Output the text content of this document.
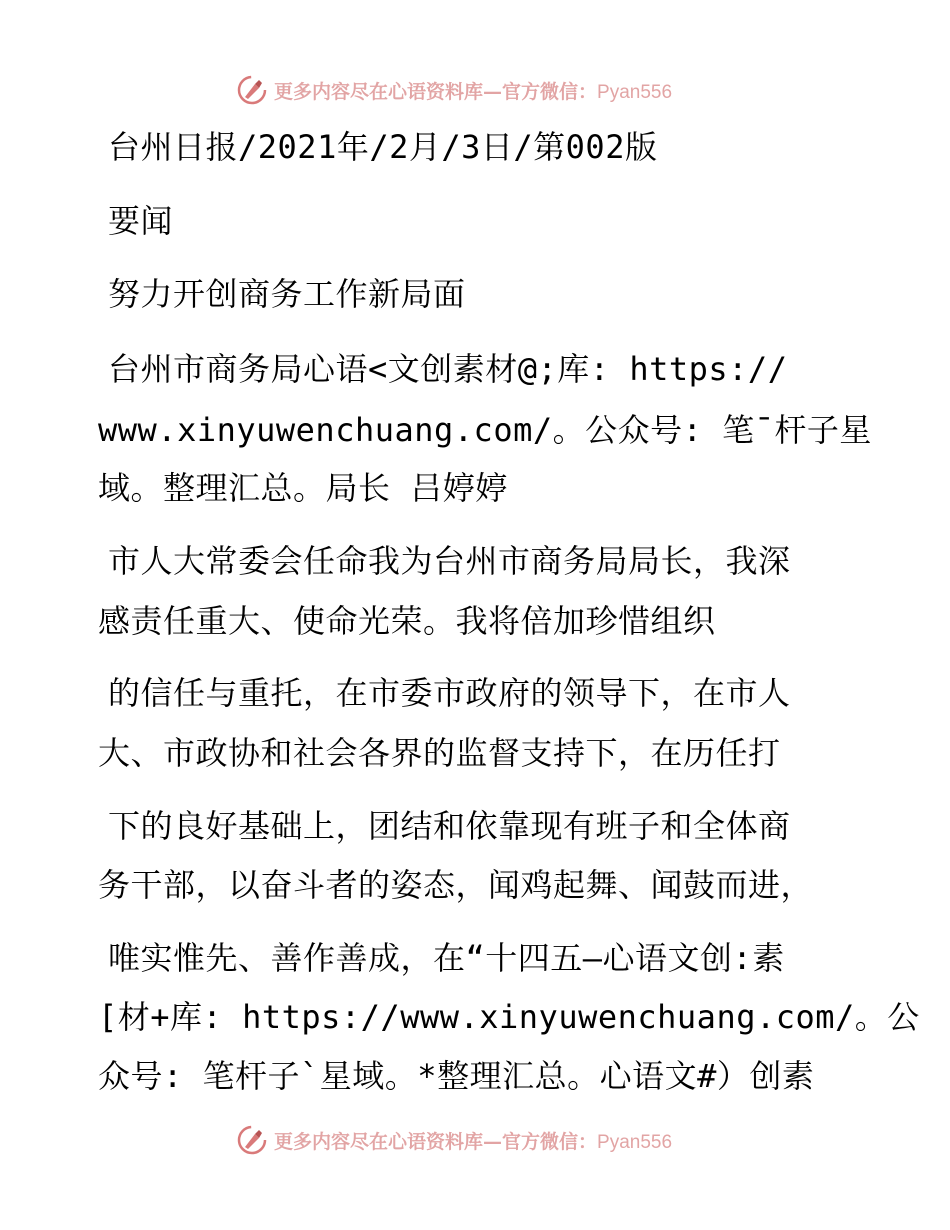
更多内容尽在心语资料库—官方微信：Pyan556
台州日报/2021年/2月/3日/第002版
要闻
努力开创商务工作新局面
台州市商务局心语<文创素材@;库: https://
www.xinyuwenchuang.com/。公众号: 笔¯杆子星
域。整理汇总。局长 吕婷婷
市人大常委会任命我为台州市商务局局长，我深
感责任重大、使命光荣。我将倍加珍惜组织
的信任与重托，在市委市政府的领导下，在市人
大、市政协和社会各界的监督支持下，在历任打
下的良好基础上，团结和依靠现有班子和全体商
务干部，以奋斗者的姿态，闻鸡起舞、闻鼓而进，
唯实惟先、善作善成，在“十四五—心语文创:素
[材+库: https://www.xinyuwenchuang.com/。公
众号: 笔杆子`星域。*整理汇总。心语文#）创素
更多内容尽在心语资料库—官方微信：Pyan556
